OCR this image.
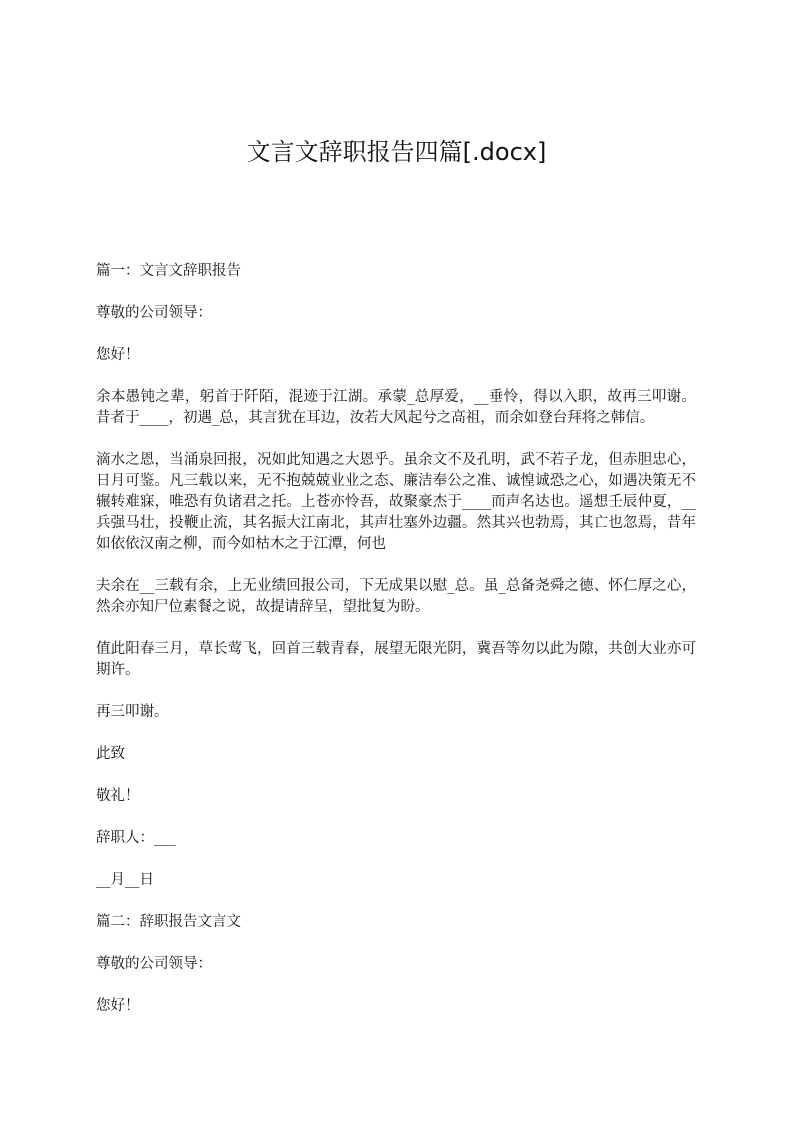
文言文辞职报告四篇[.docx]

篇一：文言文辞职报告

尊敬的公司领导：

您好！

余本愚钝之辈，躬首于阡陌，混迹于江湖。承蒙_总厚爱，__垂怜，得以入职，故再三叩谢。昔者于____，初遇_总，其言犹在耳边，汝若大风起兮之高祖，而余如登台拜将之韩信。

滴水之恩，当涌泉回报，况如此知遇之大恩乎。虽余文不及孔明，武不若子龙，但赤胆忠心，日月可鉴。凡三载以来，无不抱兢兢业业之态、廉洁奉公之准、诚惶诚恐之心，如遇决策无不辗转难寐，唯恐有负诸君之托。上苍亦怜吾，故聚豪杰于____而声名达也。遥想壬辰仲夏，__兵强马壮，投鞭止流，其名振大江南北，其声壮塞外边疆。然其兴也勃焉，其亡也忽焉，昔年如依依汉南之柳，而今如枯木之于江潭，何也

夫余在__三载有余，上无业绩回报公司，下无成果以慰_总。虽_总备尧舜之德、怀仁厚之心，然余亦知尸位素餐之说，故提请辞呈，望批复为盼。

值此阳春三月，草长莺飞，回首三载青春，展望无限光阴，冀吾等勿以此为隙，共创大业亦可期许。

再三叩谢。

此致

敬礼！

辞职人：___

__月__日

篇二：辞职报告文言文

尊敬的公司领导：

您好！
